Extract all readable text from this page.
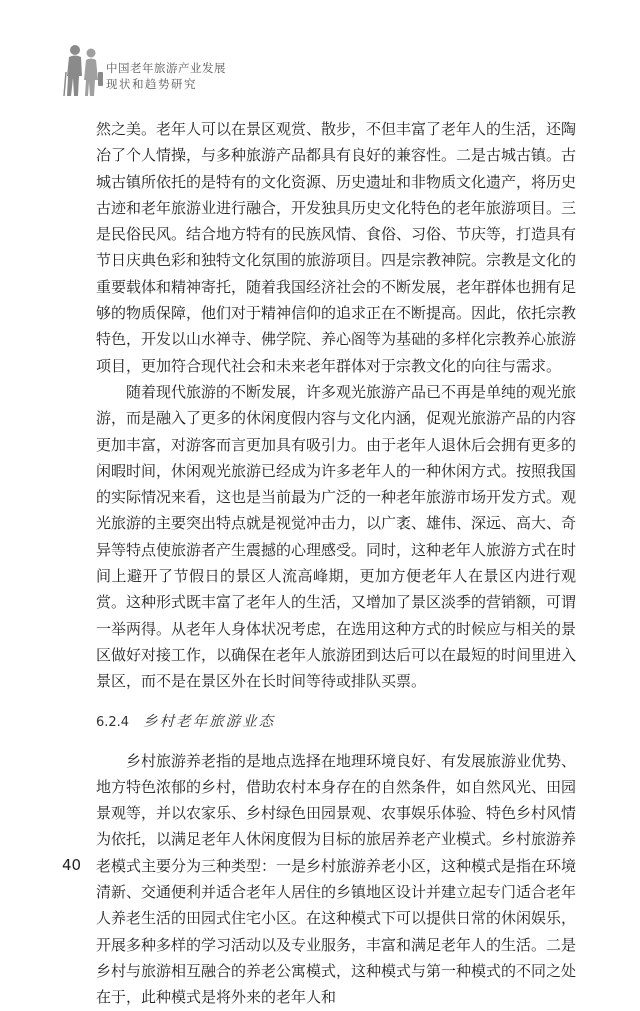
中国老年旅游产业发展
现状和趋势研究

然之美。老年人可以在景区观赏、散步，不但丰富了老年人的生活，还陶冶了个人情操，与多种旅游产品都具有良好的兼容性。二是古城古镇。古城古镇所依托的是特有的文化资源、历史遗址和非物质文化遗产，将历史古迹和老年旅游业进行融合，开发独具历史文化特色的老年旅游项目。三是民俗民风。结合地方特有的民族风情、食俗、习俗、节庆等，打造具有节日庆典色彩和独特文化氛围的旅游项目。四是宗教神院。宗教是文化的重要载体和精神寄托，随着我国经济社会的不断发展，老年群体也拥有足够的物质保障，他们对于精神信仰的追求正在不断提高。因此，依托宗教特色，开发以山水禅寺、佛学院、养心阁等为基础的多样化宗教养心旅游项目，更加符合现代社会和未来老年群体对于宗教文化的向往与需求。

随着现代旅游的不断发展，许多观光旅游产品已不再是单纯的观光旅游，而是融入了更多的休闲度假内容与文化内涵，促观光旅游产品的内容更加丰富，对游客而言更加具有吸引力。由于老年人退休后会拥有更多的闲暇时间，休闲观光旅游已经成为许多老年人的一种休闲方式。按照我国的实际情况来看，这也是当前最为广泛的一种老年旅游市场开发方式。观光旅游的主要突出特点就是视觉冲击力，以广袤、雄伟、深远、高大、奇异等特点使旅游者产生震撼的心理感受。同时，这种老年人旅游方式在时间上避开了节假日的景区人流高峰期，更加方便老年人在景区内进行观赏。这种形式既丰富了老年人的生活，又增加了景区淡季的营销额，可谓一举两得。从老年人身体状况考虑，在选用这种方式的时候应与相关的景区做好对接工作，以确保在老年人旅游团到达后可以在最短的时间里进入景区，而不是在景区外在长时间等待或排队买票。

6.2.4 乡村老年旅游业态

乡村旅游养老指的是地点选择在地理环境良好、有发展旅游业优势、地方特色浓郁的乡村，借助农村本身存在的自然条件，如自然风光、田园景观等，并以农家乐、乡村绿色田园景观、农事娱乐体验、特色乡村风情为依托，以满足老年人休闲度假为目标的旅居养老产业模式。乡村旅游养老模式主要分为三种类型：一是乡村旅游养老小区，这种模式是指在环境清新、交通便利并适合老年人居住的乡镇地区设计并建立起专门适合老年人养老生活的田园式住宅小区。在这种模式下可以提供日常的休闲娱乐，开展多种多样的学习活动以及专业服务，丰富和满足老年人的生活。二是乡村与旅游相互融合的养老公寓模式，这种模式与第一种模式的不同之处在于，此种模式是将外来的老年人和

40
